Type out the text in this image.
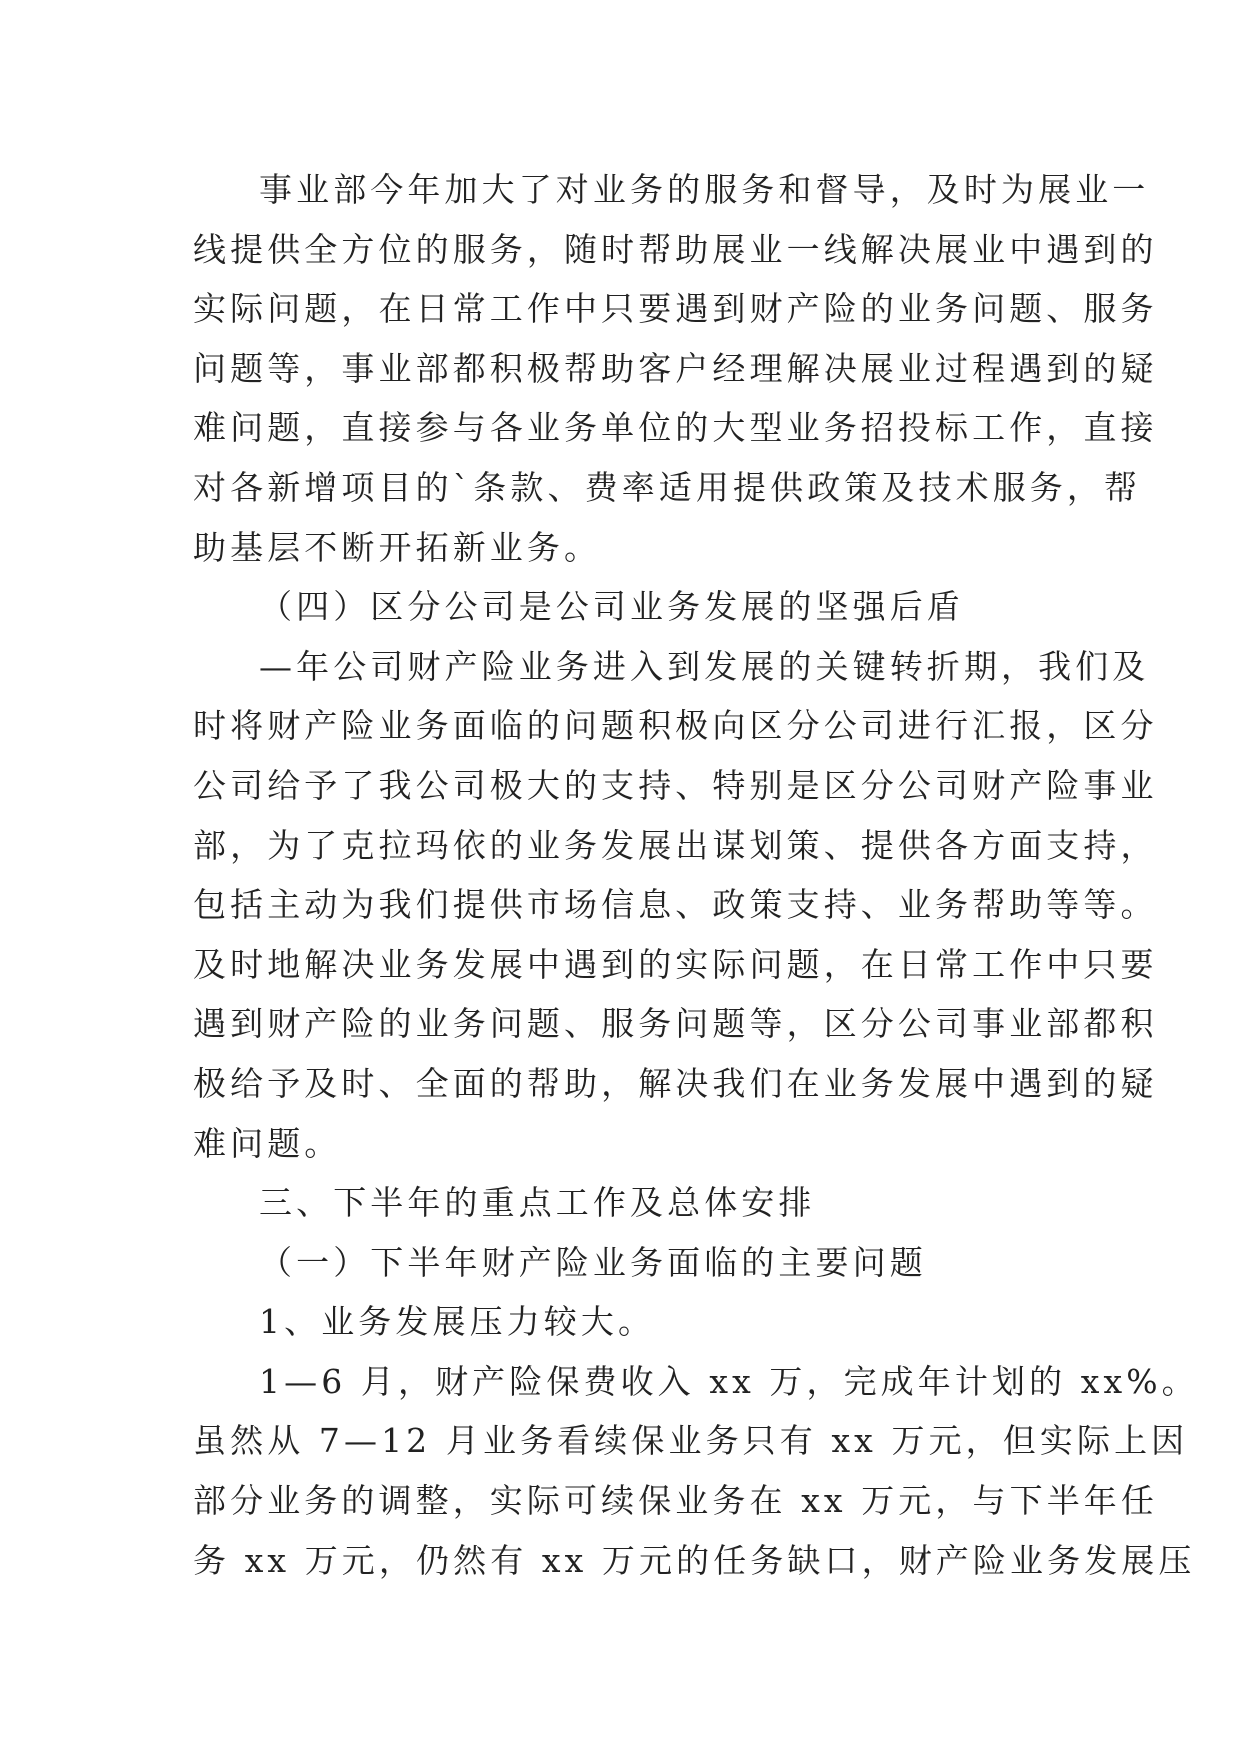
事业部今年加大了对业务的服务和督导，及时为展业一
线提供全方位的服务，随时帮助展业一线解决展业中遇到的
实际问题，在日常工作中只要遇到财产险的业务问题、服务
问题等，事业部都积极帮助客户经理解决展业过程遇到的疑
难问题，直接参与各业务单位的大型业务招投标工作，直接
对各新增项目的`条款、费率适用提供政策及技术服务，帮
助基层不断开拓新业务。
（四）区分公司是公司业务发展的坚强后盾
—年公司财产险业务进入到发展的关键转折期，我们及
时将财产险业务面临的问题积极向区分公司进行汇报，区分
公司给予了我公司极大的支持、特别是区分公司财产险事业
部，为了克拉玛依的业务发展出谋划策、提供各方面支持，
包括主动为我们提供市场信息、政策支持、业务帮助等等。
及时地解决业务发展中遇到的实际问题，在日常工作中只要
遇到财产险的业务问题、服务问题等，区分公司事业部都积
极给予及时、全面的帮助，解决我们在业务发展中遇到的疑
难问题。
三、下半年的重点工作及总体安排
（一）下半年财产险业务面临的主要问题
1、业务发展压力较大。
1—6 月，财产险保费收入 xx 万，完成年计划的 xx%。
虽然从 7—12 月业务看续保业务只有 xx 万元，但实际上因
部分业务的调整，实际可续保业务在 xx 万元，与下半年任
务 xx 万元，仍然有 xx 万元的任务缺口，财产险业务发展压
